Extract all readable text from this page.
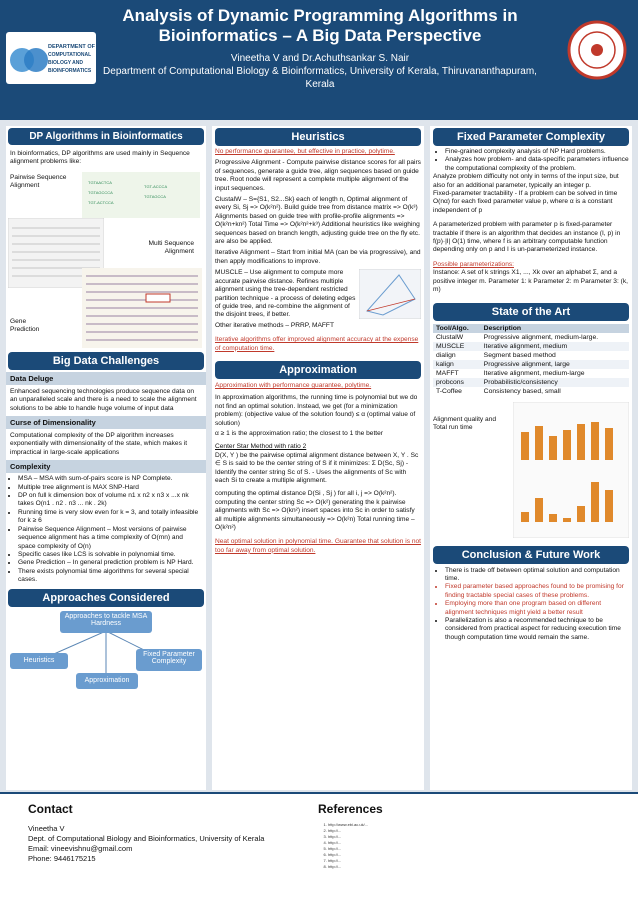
DEPARTMENT OF
COMPUTATIONAL
BIOLOGY AND
BIOINFORMATICS
Analysis of Dynamic Programming Algorithms in Bioinformatics – A Big Data Perspective
Vineetha V and Dr.Achuthsankar S. Nair
Department of Computational Biology & Bioinformatics, University of Kerala, Thiruvananthapuram, Kerala
DP Algorithms in Bioinformatics

In bioinformatics, DP algorithms are used mainly in Sequence alignment problems like:

Pairwise Sequence Alignment	TGTAACTCA
TGTAGCCCA
TGT-ACTCCA
TGT-ACCCA
TGTAGCCA

Multi Sequence Alignment

Gene Prediction

Big Data Challenges
Data Deluge

Enhanced sequencing technologies produce sequence data on an unparalleled scale and there is a need to scale the alignment solutions to be able to handle huge volume of input data

Curse of Dimensionality

Computational complexity of the DP algorithm increases exponentially with dimensionality of the state, which makes it impractical in large-scale applications

Complexity
• MSA – MSA with sum-of-pairs score is NP Complete.
• Multiple tree alignment is MAX SNP-Hard
• DP on full k dimension box of volume n1 x n2 x n3 x ...x nk takes O(n1 . n2 . n3 ... nk . 2k)
• Running time is very slow even for k = 3, and totally infeasible for k ≥ 6
• Pairwise Sequence Alignment – Most versions of pairwise sequence alignment has a time complexity of O(mn) and space complexity of O(n)
• Specific cases like LCS is solvable in polynomial time.
• Gene Prediction – In general prediction problem is NP Hard.
• There exists polynomial time algorithms for several special cases.
Approaches Considered
Approaches to tackle MSA Hardness
Heuristics
Fixed Parameter Complexity
Approximation
Heuristics

No performance guarantee, but effective in practice, polytime.

Progressive Alignment - Compute pairwise distance scores for all pairs of sequences, generate a guide tree, align sequences based on guide tree. Root node will represent a complete multiple alignment of the input sequences.

ClustalW – S={S1, S2...Sk} each of length n, Optimal alignment of every Si, Sj => O(k²n²). Build guide tree from distance matrix => O(k³) Alignments based on guide tree with profile-profile alignments => O(k²n+kn²) Total Time => O(k²n²+k³) Additional heuristics like weighing sequences based on branch length, adjusting guide tree on the fly etc. are also be applied.

Iterative Alignment – Start from initial MA (can be via progressive), and then apply modifications to improve.

MUSCLE – Use alignment to compute more accurate pairwise distance. Refines multiple alignment using the tree-dependent restricted partition technique - a process of deleting edges of guide tree, and re-combine the alignment of the disjoint trees, if better.

Other iterative methods – PRRP, MAFFT

Iterative algorithms offer improved alignment accuracy at the expense of computation time.

Approximation

Approximation with performance guarantee, polytime.

In approximation algorithms, the running time is polynomial but we do not find an optimal solution. Instead, we get (for a minimization problem): (objective value of the solution found) ≤ α (optimal value of solution)

α ≥ 1 is the approximation ratio; the closest to 1 the better

Center Star Method with ratio 2

D(X, Y ) be the pairwise optimal alignment distance between X, Y . Sc ∈ S is said to be the center string of S if it minimizes: Σ D(Sc, Sj) - Identify the center string Sc of S. - Uses the alignments of Sc with each Si to create a multiple alignment.

computing the optimal distance D(Si , Sj ) for all i, j => O(k²n²). computing the center string Sc => O(k²) generating the k pairwise alignments with Sc => O(kn²) insert spaces into Sc in order to satisfy all multiple alignments simultaneously => O(k²n) Total running time – O(k²n²)

Neat optimal solution in polynomial time. Guarantee that solution is not too far away from optimal solution.

Fixed Parameter Complexity
• Fine-grained complexity analysis of NP Hard problems.
• Analyzes how problem- and data-specific parameters influence the computational complexity of the problem.

Analyze problem difficulty not only in terms of the input size, but also for an additional parameter, typically an integer p.

Fixed-parameter tractability - If a problem can be solved in time O(nα) for each fixed parameter value p, where α is a constant independent of p

A parameterized problem with parameter p is fixed-parameter tractable if there is an algorithm that decides an instance (I, p) in f(p)·|I| O(1) time, where f is an arbitrary computable function depending only on p and I is un-parameterized instance.

Possible parameterizations:

Instance: A set of k strings X1, ..., Xk over an alphabet Σ, and a positive integer m. Parameter 1: k Parameter 2: m Parameter 3: (k, m)

State of the Art
Tool/Algo.	Description
ClustalW	Progressive alignment, medium-large.
MUSCLE	Iterative alignment, medium
dialign	Segment based method
kalign	Progressive alignment, large
MAFFT	Iterative alignment, medium-large
probcons	Probabilistic/consistency
T-Coffee	Consistency based, small

Alignment quality and Total run time

Conclusion & Future Work
• There is trade off between optimal solution and computation time.
• Fixed parameter based approaches found to be promising for finding tractable special cases of these problems.
• Employing more than one program based on different alignment techniques might yield a better result
• Parallelization is also a recommended technique to be considered from practical aspect for reducing execution time though computation time would remain the same.
Contact

Vineetha V

Dept. of Computational Biology and Bioinformatics, University of Kerala

Email: vineevishnu@gmail.com

Phone: 9446175215

References
1. http://www.ebi.ac.uk/...
2. http://...
3. http://...
4. http://...
5. http://...
6. http://...
7. http://...
8. http://...
